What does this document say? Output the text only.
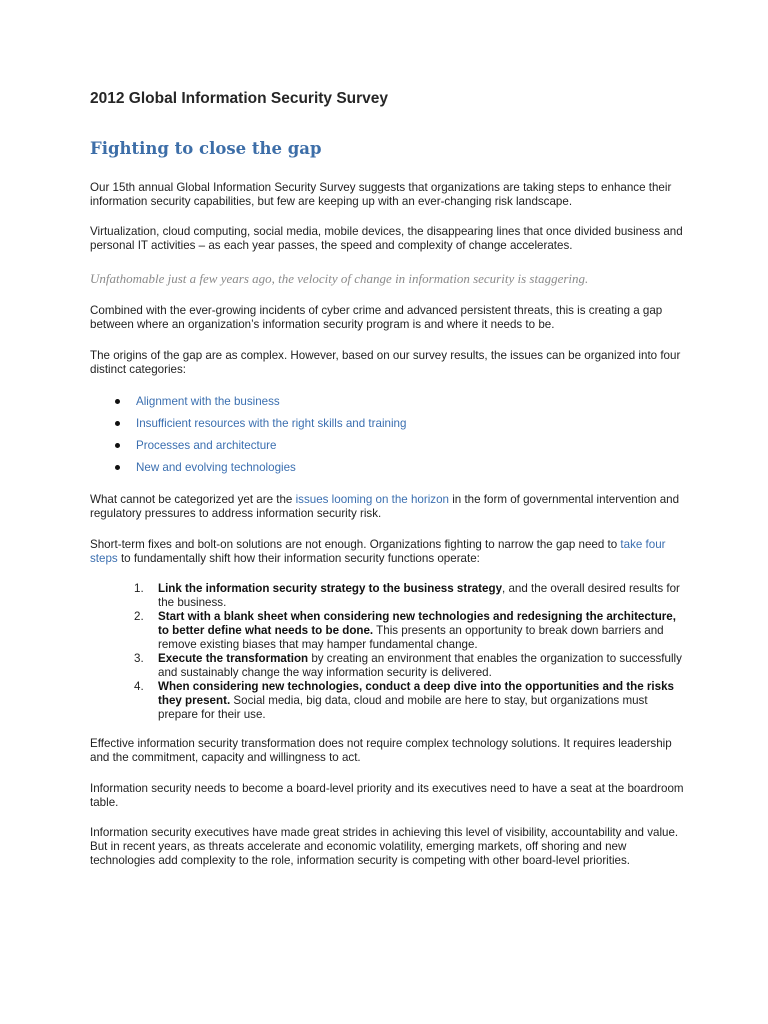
2012 Global Information Security Survey
Fighting to close the gap

Our 15th annual Global Information Security Survey suggests that organizations are taking steps to enhance their information security capabilities, but few are keeping up with an ever-changing risk landscape.

Virtualization, cloud computing, social media, mobile devices, the disappearing lines that once divided business and personal IT activities – as each year passes, the speed and complexity of change accelerates.

Unfathomable just a few years ago, the velocity of change in information security is staggering.

Combined with the ever-growing incidents of cyber crime and advanced persistent threats, this is creating a gap between where an organization’s information security program is and where it needs to be.

The origins of the gap are as complex. However, based on our survey results, the issues can be organized into four distinct categories:

Alignment with the business
Insufficient resources with the right skills and training
Processes and architecture
New and evolving technologies

What cannot be categorized yet are the issues looming on the horizon in the form of governmental intervention and regulatory pressures to address information security risk.

Short-term fixes and bolt-on solutions are not enough. Organizations fighting to narrow the gap need to take four steps to fundamentally shift how their information security functions operate:

1. Link the information security strategy to the business strategy, and the overall desired results for the business.
2. Start with a blank sheet when considering new technologies and redesigning the architecture, to better define what needs to be done. This presents an opportunity to break down barriers and remove existing biases that may hamper fundamental change.
3. Execute the transformation by creating an environment that enables the organization to successfully and sustainably change the way information security is delivered.
4. When considering new technologies, conduct a deep dive into the opportunities and the risks they present. Social media, big data, cloud and mobile are here to stay, but organizations must prepare for their use.

Effective information security transformation does not require complex technology solutions. It requires leadership and the commitment, capacity and willingness to act.

Information security needs to become a board-level priority and its executives need to have a seat at the boardroom table.

Information security executives have made great strides in achieving this level of visibility, accountability and value. But in recent years, as threats accelerate and economic volatility, emerging markets, off shoring and new technologies add complexity to the role, information security is competing with other board-level priorities.
